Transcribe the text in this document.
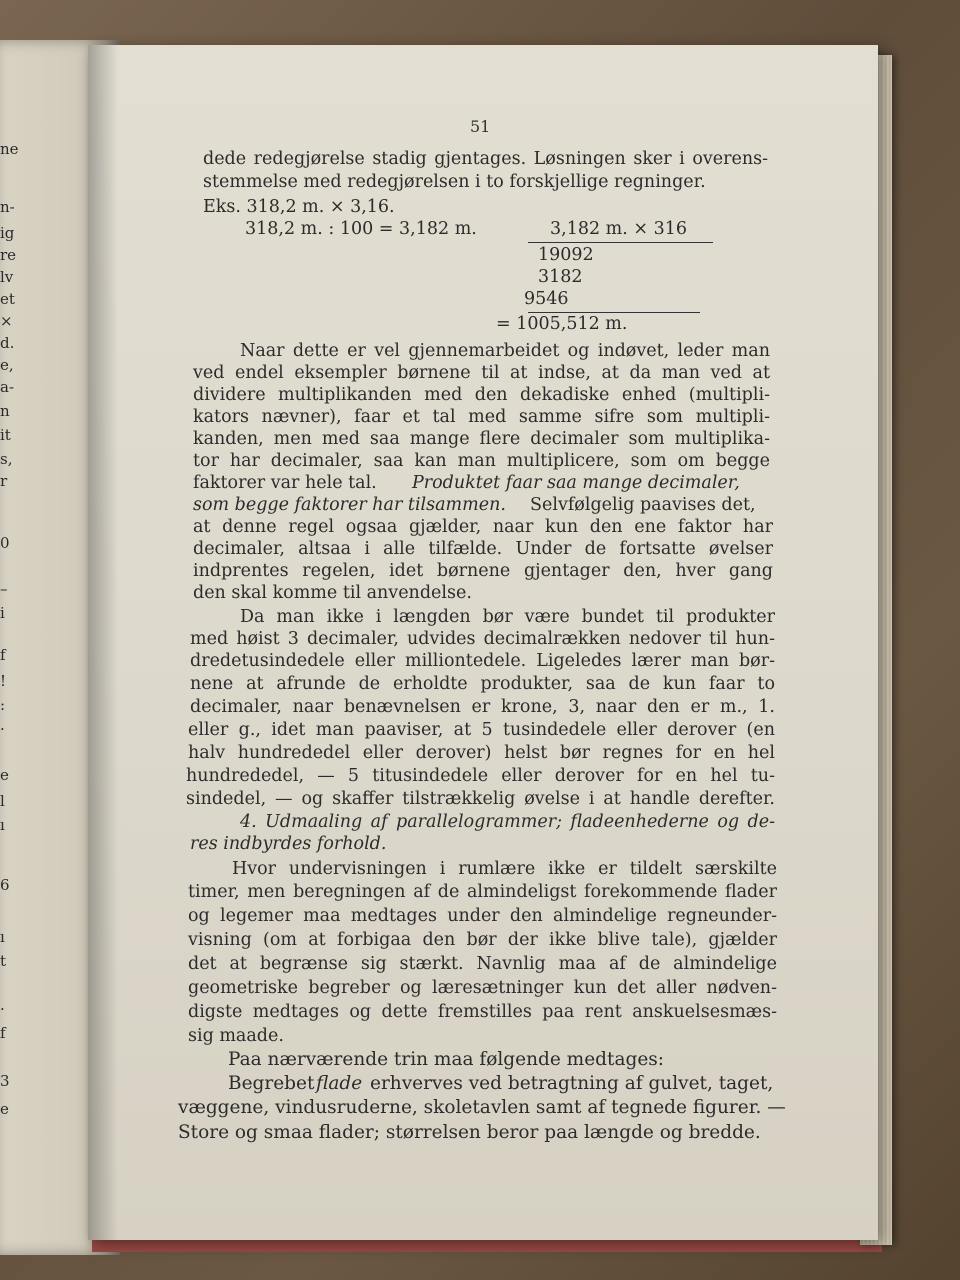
ne
n-
ig
re
lv
et
×
d.
e,
a-
n
it
s,
r
0
–
i
f
!
:
·
e
l
ı
6
ı
t
·
f
3
e
51
dede redegjørelse stadig gjentages. Løsningen sker i overens-
stemmelse med redegjørelsen i to forskjellige regninger.
Eks. 318,2 m. × 3,16.
318,2 m. : 100 = 3,182 m.	3,182 m. × 316
19092
3182
9546
= 1005,512 m.
Naar dette er vel gjennemarbeidet og indøvet, leder man
ved endel eksempler børnene til at indse, at da man ved at
dividere multiplikanden med den dekadiske enhed (multipli-
kators nævner), faar et tal med samme sifre som multipli-
kanden, men med saa mange flere decimaler som multiplika-
tor har decimaler, saa kan man multiplicere, som om begge
faktorer var hele tal. Produktet faar saa mange decimaler,
som begge faktorer har tilsammen. Selvfølgelig paavises det,
at denne regel ogsaa gjælder, naar kun den ene faktor har
decimaler, altsaa i alle tilfælde. Under de fortsatte øvelser
indprentes regelen, idet børnene gjentager den, hver gang
den skal komme til anvendelse.
Da man ikke i længden bør være bundet til produkter
med høist 3 decimaler, udvides decimalrækken nedover til hun-
dredetusindedele eller milliontedele. Ligeledes lærer man bør-
nene at afrunde de erholdte produkter, saa de kun faar to
decimaler, naar benævnelsen er krone, 3, naar den er m., 1.
eller g., idet man paaviser, at 5 tusindedele eller derover (en
halv hundrededel eller derover) helst bør regnes for en hel
hundrededel, — 5 titusindedele eller derover for en hel tu-
sindedel, — og skaffer tilstrækkelig øvelse i at handle derefter.
4. Udmaaling af parallelogrammer; fladeenhederne og de-
res indbyrdes forhold.
Hvor undervisningen i rumlære ikke er tildelt særskilte
timer, men beregningen af de almindeligst forekommende flader
og legemer maa medtages under den almindelige regneunder-
visning (om at forbigaa den bør der ikke blive tale), gjælder
det at begrænse sig stærkt. Navnlig maa af de almindelige
geometriske begreber og læresætninger kun det aller nødven-
digste medtages og dette fremstilles paa rent anskuelsesmæs-
sig maade.
Paa nærværende trin maa følgende medtages:
Begrebet flade erhverves ved betragtning af gulvet, taget,
væggene, vindusruderne, skoletavlen samt af tegnede figurer. —
Store og smaa flader; størrelsen beror paa længde og bredde.
